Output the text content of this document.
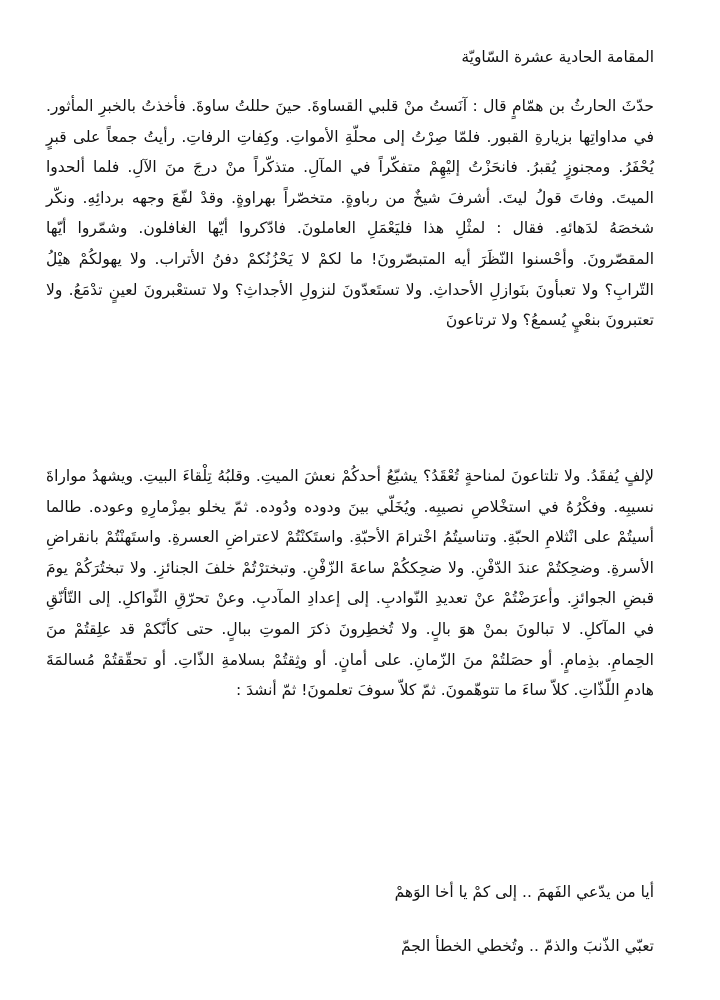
المقامة الحادية عشرة السّاويّة
حدّثَ الحارثُ بن همّامٍ قال : آنَستُ منْ قلبي القساوةَ. حينَ حللتُ ساوةَ. فأخذتُ بالخبرِ المأثور. في مداواتِها بزيارةِ القبور. فلمّا صِرْتُ إلى محلّةِ الأمواتِ. وكِفاتِ الرفاتِ. رأيتُ جمعاً على قبرٍ يُحْفَرُ. ومجنوزٍ يُقبرُ. فانحَزْتُ إليْهِمْ متفكّراً في المآلِ. متذكّراً منْ درجَ منَ الآلِ. فلما ألحدوا الميتَ. وفاتَ قولُ ليتَ. أشرفَ شيخٌ من رباوةٍ. متخصّراً بهراوةٍ. وقدْ لفّعَ وجهه بردائِهِ. ونكّر شخصَهُ لدَهائهِ. فقال : لمثْلِ هذا فليَعْمَلِ العاملونَ. فادّكروا أيّها الغافلون. وشمّروا أيّها المقصّرونَ. وأحْسنوا النّظَرَ أيه المتبصّرونَ! ما لكمْ لا يَحْزُنُكمْ دفنُ الأتراب. ولا يهولكُمْ هيْلُ التّرابِ؟ ولا تعبأونَ بنَوازلِ الأحداثِ. ولا تستَعدّونَ لنزولِ الأجداثِ؟ ولا تستعْبرونَ لعينٍ تدْمَعُ. ولا تعتبرونَ بنعْيٍ يُسمعُ؟ ولا ترتاعونَ
لإلفٍ يُفقَدُ. ولا تلتاعونَ لمناحةٍ تُعْقَدُ؟ يشيّعُ أحدكُمْ نعشَ الميتِ. وقلبُهُ تِلْقاءَ البيتِ. ويشهدُ مواراةَ نسيبِه. وفكْرُهُ في استخْلاصِ نصيبِه. ويُخَلّي بينَ ودوده ودُوده. ثمّ يخلو بمِزْمارِهِ وعوده. طالما أسيتُمْ على انْثلامِ الحبّةِ. وتناسيتُمُ اخْترامَ الأحبّةِ. واستَكنْتُمْ لاعتراضِ العسرةِ. واستَهنْتُمْ بانقراضِ الأسرةِ. وضحِكتُمْ عندَ الدّفْنِ. ولا ضحِككُمْ ساعةَ الزّفْنِ. وتبخترْتُمْ خلفَ الجنائزِ. ولا تبختُرَكُمْ يومَ قبضِ الجوائزِ. وأعرَضْتُمْ عنْ تعديدِ النّوادبِ. إلى إعدادِ المآدبِ. وعنْ تحرّقِ الثّواكلِ. إلى التّأنّقِ في المآكلِ. لا تبالونَ بمنْ هوَ بالٍ. ولا تُخطِرونَ ذكرَ الموتِ ببالٍ. حتى كأنّكمْ قد علِقتُمْ منَ الحِمامِ. بذِمامٍ. أو حصَلتُمْ منَ الزّمانِ. على أمانٍ. أو وثِقتُمْ بسلامةِ الذّاتِ. أو تحقّقتُمْ مُسالمَةَ هادمِ اللّذّاتِ. كلاّ ساءَ ما تتوهّمونَ. ثمّ كلاّ سوفَ تعلمونَ! ثمّ أنشدَ :
أيا من يدّعي الفَهمَ .. إلى كمْ يا أخا الوَهمْ
تعبّي الذّنبَ والذمّ .. وتُخطي الخطأ الجمّ
